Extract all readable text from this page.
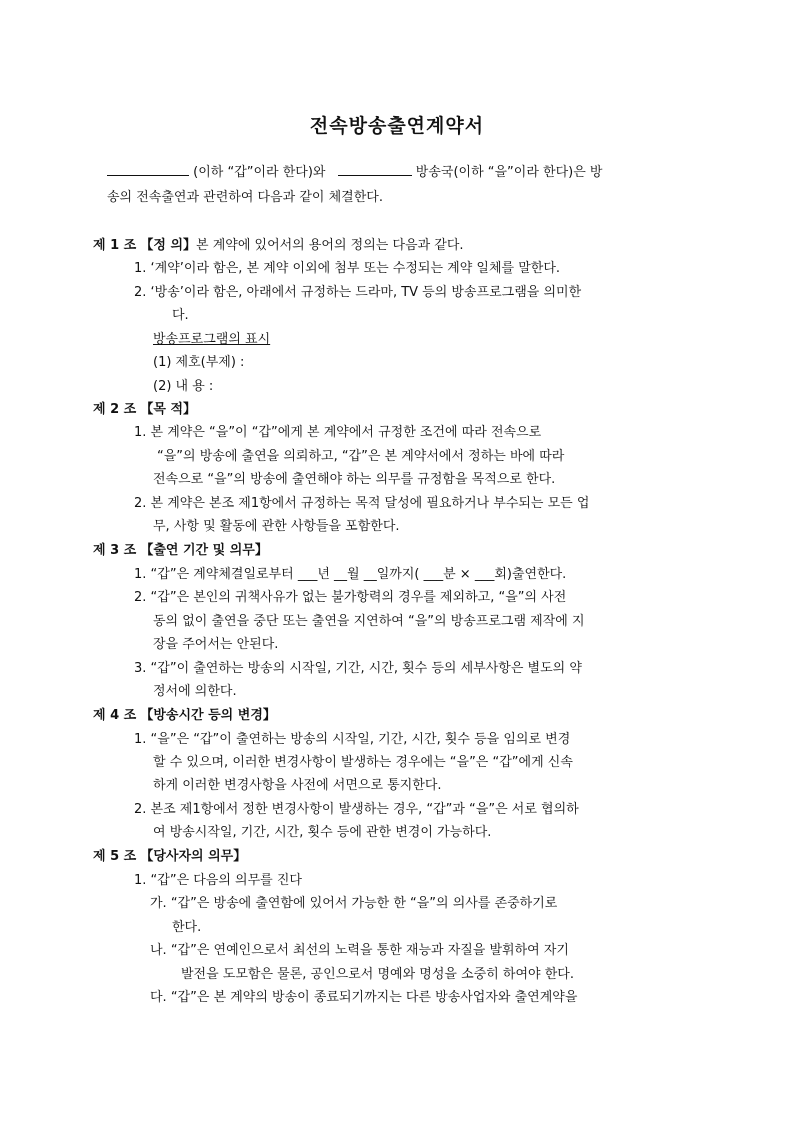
전속방송출연계약서
(이하 “갑”이라 한다)와	방송국(이하 “을”이라 한다)은 방
송의 전속출연과 관련하여 다음과 같이 체결한다.
제 1 조 【정 의】본 계약에 있어서의 용어의 정의는 다음과 같다.
1. ‘계약’이라 함은, 본 계약 이외에 첨부 또는 수정되는 계약 일체를 말한다.
2. ‘방송’이라 함은, 아래에서 규정하는 드라마, TV 등의 방송프로그램을 의미한
다.
방송프로그램의 표시
(1) 제호(부제) :
(2) 내 용 :
제 2 조 【목 적】
1. 본 계약은 “을”이 “갑”에게 본 계약에서 규정한 조건에 따라 전속으로
“을”의 방송에 출연을 의뢰하고, “갑”은 본 계약서에서 정하는 바에 따라
전속으로 “을”의 방송에 출연해야 하는 의무를 규정함을 목적으로 한다.
2. 본 계약은 본조 제1항에서 규정하는 목적 달성에 필요하거나 부수되는 모든 업
무, 사항 및 활동에 관한 사항들을 포함한다.
제 3 조 【출연 기간 및 의무】
1. “갑”은 계약체결일로부터 ___년 __월 __일까지( ___분 × ___회)출연한다.
2. “갑”은 본인의 귀책사유가 없는 불가항력의 경우를 제외하고, “을”의 사전
동의 없이 출연을 중단 또는 출연을 지연하여 “을”의 방송프로그램 제작에 지
장을 주어서는 안된다.
3. “갑”이 출연하는 방송의 시작일, 기간, 시간, 횟수 등의 세부사항은 별도의 약
정서에 의한다.
제 4 조 【방송시간 등의 변경】
1. “을”은 “갑”이 출연하는 방송의 시작일, 기간, 시간, 횟수 등을 임의로 변경
할 수 있으며, 이러한 변경사항이 발생하는 경우에는 “을”은 “갑”에게 신속
하게 이러한 변경사항을 사전에 서면으로 통지한다.
2. 본조 제1항에서 정한 변경사항이 발생하는 경우, “갑”과 “을”은 서로 협의하
여 방송시작일, 기간, 시간, 횟수 등에 관한 변경이 가능하다.
제 5 조 【당사자의 의무】
1. “갑”은 다음의 의무를 진다
가. “갑”은 방송에 출연함에 있어서 가능한 한 “을”의 의사를 존중하기로
한다.
나. “갑”은 연예인으로서 최선의 노력을 통한 재능과 자질을 발휘하여 자기
발전을 도모함은 물론, 공인으로서 명예와 명성을 소중히 하여야 한다.
다. “갑”은 본 계약의 방송이 종료되기까지는 다른 방송사업자와 출연계약을
